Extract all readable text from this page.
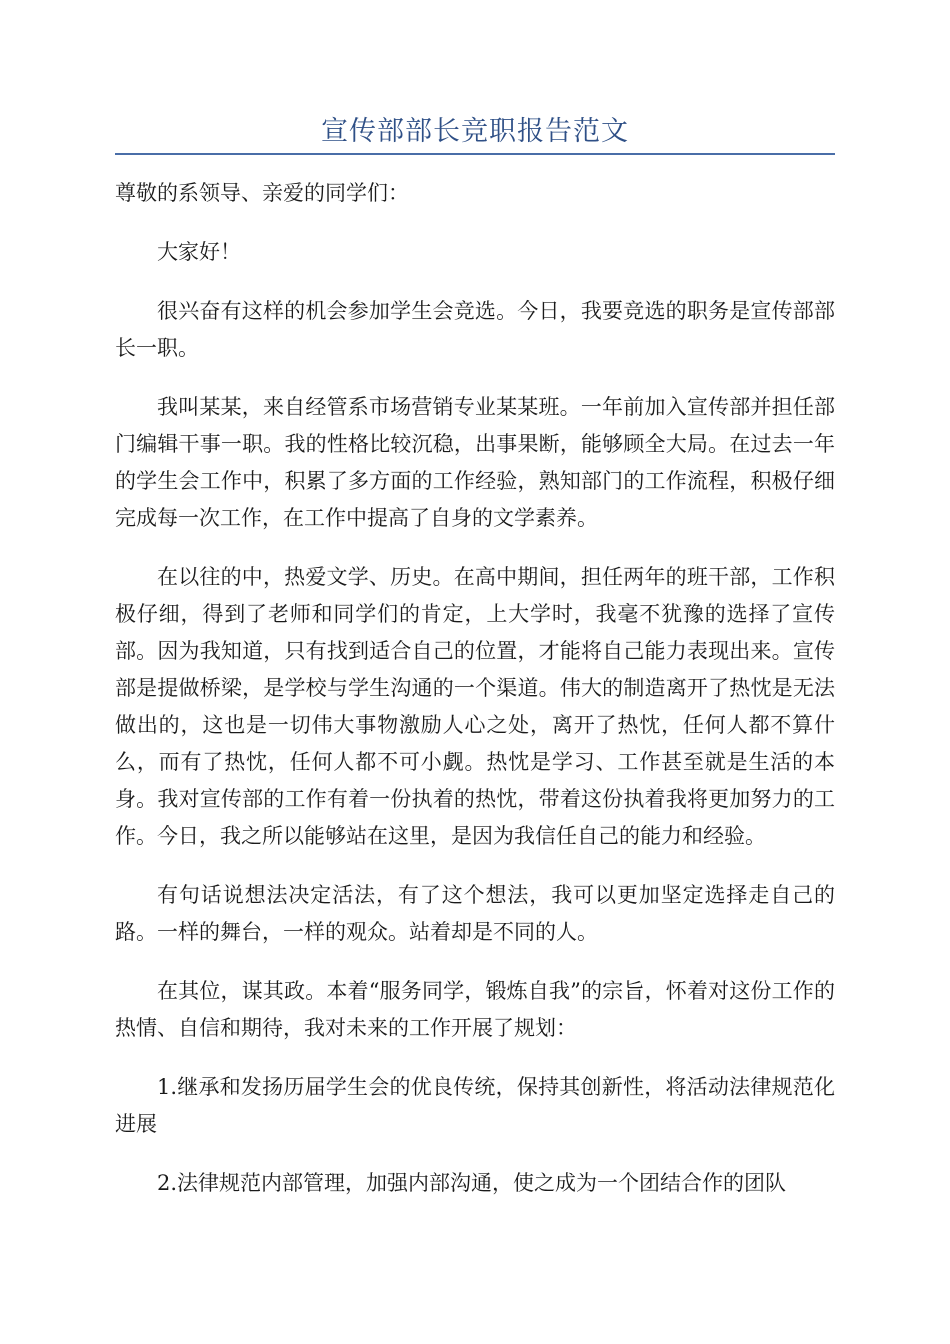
宣传部部长竞职报告范文

尊敬的系领导、亲爱的同学们：

大家好！

很兴奋有这样的机会参加学生会竞选。今日，我要竞选的职务是宣传部部长一职。

我叫某某，来自经管系市场营销专业某某班。一年前加入宣传部并担任部门编辑干事一职。我的性格比较沉稳，出事果断，能够顾全大局。在过去一年的学生会工作中，积累了多方面的工作经验，熟知部门的工作流程，积极仔细完成每一次工作，在工作中提高了自身的文学素养。

在以往的中，热爱文学、历史。在高中期间，担任两年的班干部，工作积极仔细，得到了老师和同学们的肯定，上大学时，我毫不犹豫的选择了宣传部。因为我知道，只有找到适合自己的位置，才能将自己能力表现出来。宣传部是提做桥梁，是学校与学生沟通的一个渠道。伟大的制造离开了热忱是无法做出的，这也是一切伟大事物激励人心之处，离开了热忱，任何人都不算什么，而有了热忱，任何人都不可小觑。热忱是学习、工作甚至就是生活的本身。我对宣传部的工作有着一份执着的热忱，带着这份执着我将更加努力的工作。今日，我之所以能够站在这里，是因为我信任自己的能力和经验。

有句话说想法决定活法，有了这个想法，我可以更加坚定选择走自己的路。一样的舞台，一样的观众。站着却是不同的人。

在其位，谋其政。本着“服务同学，锻炼自我”的宗旨，怀着对这份工作的热情、自信和期待，我对未来的工作开展了规划：

1.继承和发扬历届学生会的优良传统，保持其创新性，将活动法律规范化进展

2.法律规范内部管理，加强内部沟通，使之成为一个团结合作的团队
